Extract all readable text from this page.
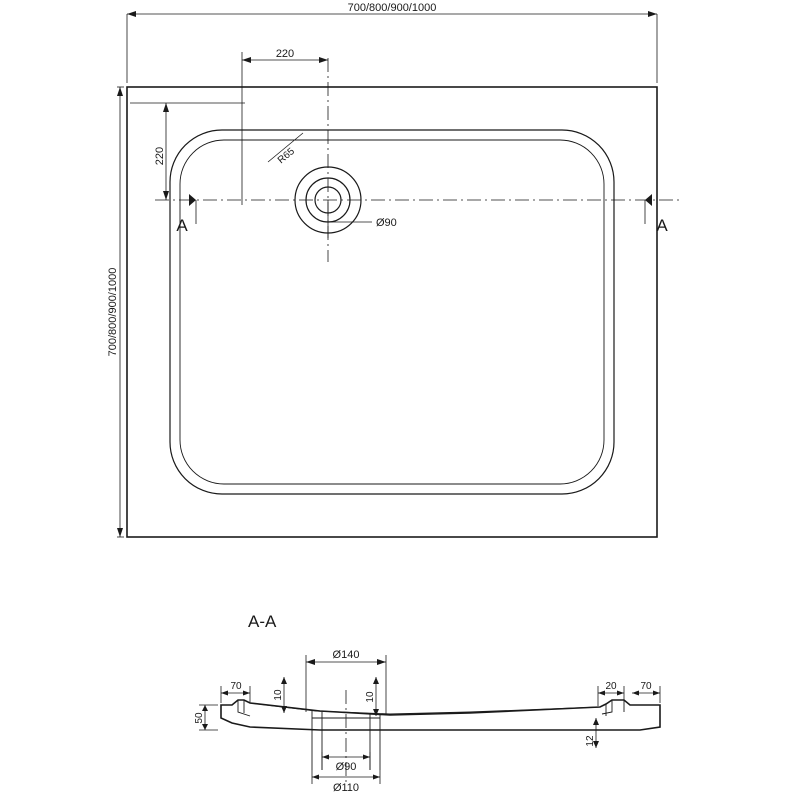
700/800/900/1000
220
220
700/800/900/1000
R65
Ø90
A	A
A-A
Ø140
70
10	10
50
20 70
12
Ø90
Ø110
